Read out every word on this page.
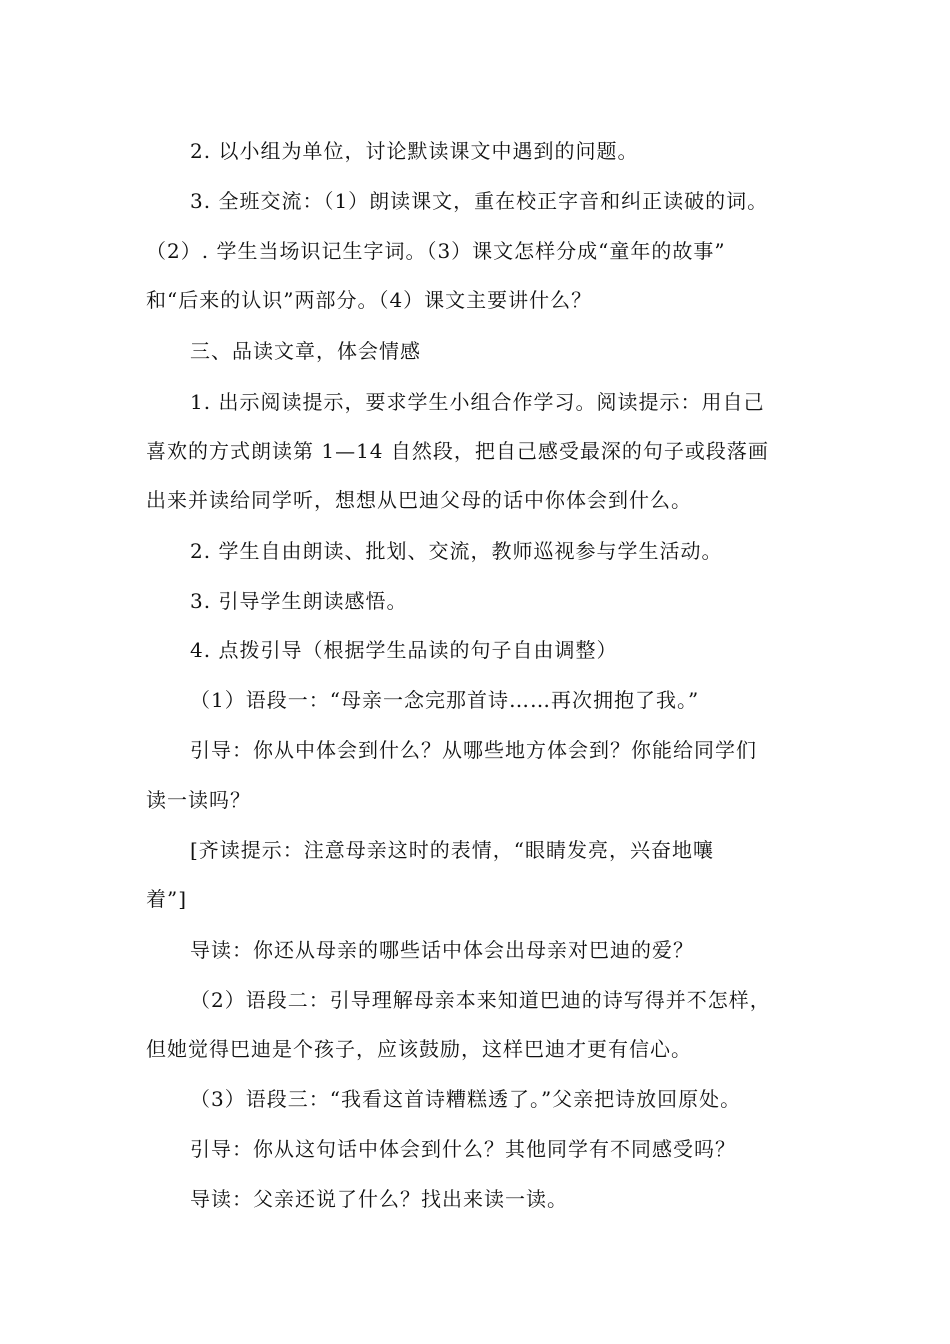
2. 以小组为单位，讨论默读课文中遇到的问题。
3. 全班交流：（1）朗读课文，重在校正字音和纠正读破的词。
（2）. 学生当场识记生字词。（3）课文怎样分成“童年的故事”
和“后来的认识”两部分。（4）课文主要讲什么？
三、品读文章，体会情感
1. 出示阅读提示，要求学生小组合作学习。阅读提示：用自己
喜欢的方式朗读第 1—14 自然段，把自己感受最深的句子或段落画
出来并读给同学听，想想从巴迪父母的话中你体会到什么。
2. 学生自由朗读、批划、交流，教师巡视参与学生活动。
3. 引导学生朗读感悟。
4. 点拨引导（根据学生品读的句子自由调整）
（1）语段一：“母亲一念完那首诗……再次拥抱了我。”
引导：你从中体会到什么？从哪些地方体会到？你能给同学们
读一读吗？
[齐读提示：注意母亲这时的表情，“眼睛发亮，兴奋地嚷
着”]
导读：你还从母亲的哪些话中体会出母亲对巴迪的爱？
（2）语段二：引导理解母亲本来知道巴迪的诗写得并不怎样，
但她觉得巴迪是个孩子，应该鼓励，这样巴迪才更有信心。
（3）语段三：“我看这首诗糟糕透了。”父亲把诗放回原处。
引导：你从这句话中体会到什么？其他同学有不同感受吗？
导读：父亲还说了什么？找出来读一读。
